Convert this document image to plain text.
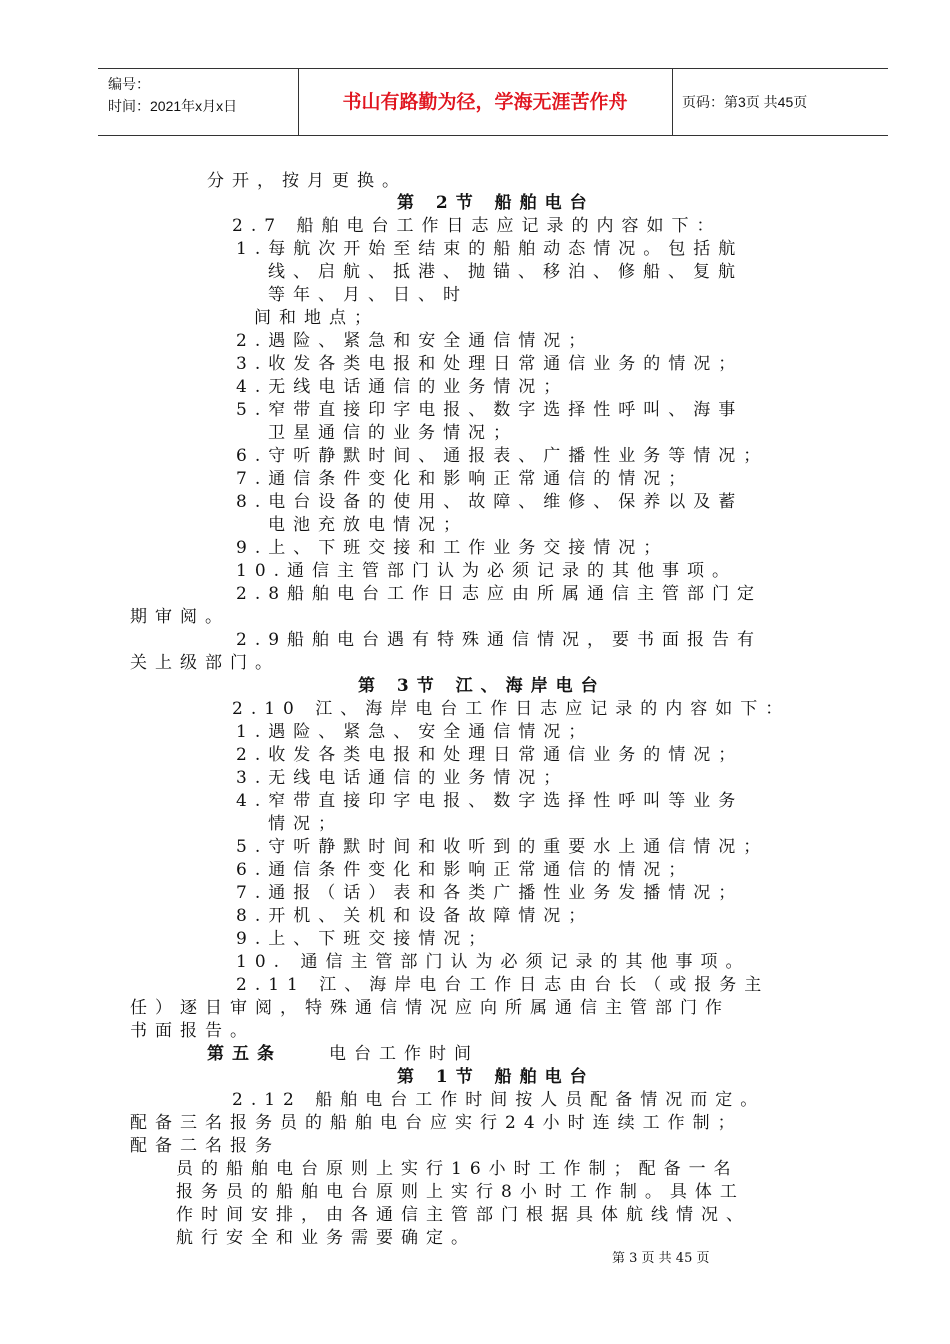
编号：
时间：2021年x月x日	书山有路勤为径，学海无涯苦作舟	页码：第3页 共45页
分开，按月更换。
第 2节 船舶电台
2.7 船舶电台工作日志应记录的内容如下：
1.每航次开始至结束的船舶动态情况。包括航
线、启航、抵港、抛锚、移泊、修船、复航
等年、月、日、时
间和地点；
2.遇险、紧急和安全通信情况；
3.收发各类电报和处理日常通信业务的情况；
4.无线电话通信的业务情况；
5.窄带直接印字电报、数字选择性呼叫、海事
卫星通信的业务情况；
6.守听静默时间、通报表、广播性业务等情况；
7.通信条件变化和影响正常通信的情况；
8.电台设备的使用、故障、维修、保养以及蓄
电池充放电情况；
9.上、下班交接和工作业务交接情况；
10.通信主管部门认为必须记录的其他事项。
2.8船舶电台工作日志应由所属通信主管部门定
期审阅。
2.9船舶电台遇有特殊通信情况，要书面报告有
关上级部门。
第 3节 江、海岸电台
2.10 江、海岸电台工作日志应记录的内容如下：
1.遇险、紧急、安全通信情况；
2.收发各类电报和处理日常通信业务的情况；
3.无线电话通信的业务情况；
4.窄带直接印字电报、数字选择性呼叫等业务
情况；
5.守听静默时间和收听到的重要水上通信情况；
6.通信条件变化和影响正常通信的情况；
7.通报（话）表和各类广播性业务发播情况；
8.开机、关机和设备故障情况；
9.上、下班交接情况；
10. 通信主管部门认为必须记录的其他事项。
2.11 江、海岸电台工作日志由台长（或报务主
任）逐日审阅，特殊通信情况应向所属通信主管部门作
书面报告。
第五条	电台工作时间
第 1节 船舶电台
2.12 船舶电台工作时间按人员配备情况而定。
配备三名报务员的船舶电台应实行24小时连续工作制；
配备二名报务
员的船舶电台原则上实行16小时工作制；配备一名
报务员的船舶电台原则上实行8小时工作制。具体工
作时间安排，由各通信主管部门根据具体航线情况、
航行安全和业务需要确定。
第 3 页 共 45 页
